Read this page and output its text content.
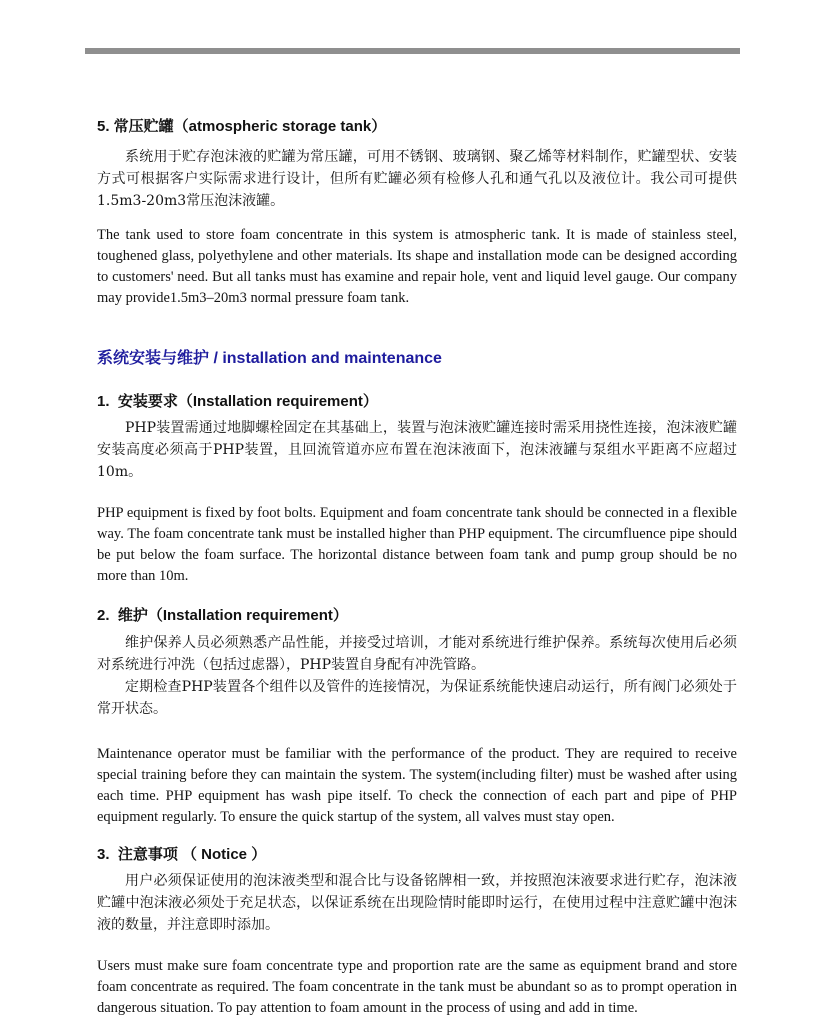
5. 常压贮罐（atmospheric storage tank）

系统用于贮存泡沫液的贮罐为常压罐，可用不锈钢、玻璃钢、聚乙烯等材料制作，贮罐型状、安装方式可根据客户实际需求进行设计，但所有贮罐必须有检修人孔和通气孔以及液位计。我公司可提供1.5m3-20m3常压泡沫液罐。

The tank used to store foam concentrate in this system is atmospheric tank. It is made of stainless steel, toughened glass, polyethylene and other materials. Its shape and installation mode can be designed according to customers' need. But all tanks must has examine and repair hole, vent and liquid level gauge. Our company may provide1.5m3–20m3 normal pressure foam tank.

系统安装与维护 / installation and maintenance
1.  安装要求（Installation requirement）

PHP装置需通过地脚螺栓固定在其基础上，装置与泡沫液贮罐连接时需采用挠性连接，泡沫液贮罐安装高度必须高于PHP装置，且回流管道亦应布置在泡沫液面下，泡沫液罐与泵组水平距离不应超过10m。

PHP equipment is fixed by foot bolts. Equipment and foam concentrate tank should be connected in a flexible way. The foam concentrate tank must be installed higher than PHP equipment. The circumfluence pipe should be put below the foam surface. The horizontal distance between foam tank and pump group should be no more than 10m.

2.  维护（Installation requirement）

维护保养人员必须熟悉产品性能，并接受过培训，才能对系统进行维护保养。系统每次使用后必须对系统进行冲洗（包括过虑器），PHP装置自身配有冲洗管路。

定期检查PHP装置各个组件以及管件的连接情况，为保证系统能快速启动运行，所有阀门必须处于常开状态。

Maintenance operator must be familiar with the performance of the product. They are required to receive special training before they can maintain the system. The system(including filter) must be washed after using each time. PHP equipment has wash pipe itself. To check the connection of each part and pipe of PHP equipment regularly. To ensure the quick startup of the system, all valves must stay open.

3.  注意事项 （ Notice ）

用户必须保证使用的泡沫液类型和混合比与设备铭牌相一致，并按照泡沫液要求进行贮存，泡沫液贮罐中泡沫液必须处于充足状态，以保证系统在出现险情时能即时运行，在使用过程中注意贮罐中泡沫液的数量，并注意即时添加。

Users must make sure foam concentrate type and proportion rate are the same as equipment brand and store foam concentrate as required. The foam concentrate in the tank must be abundant so as to prompt operation in dangerous situation. To pay attention to foam amount in the process of using and add in time.
